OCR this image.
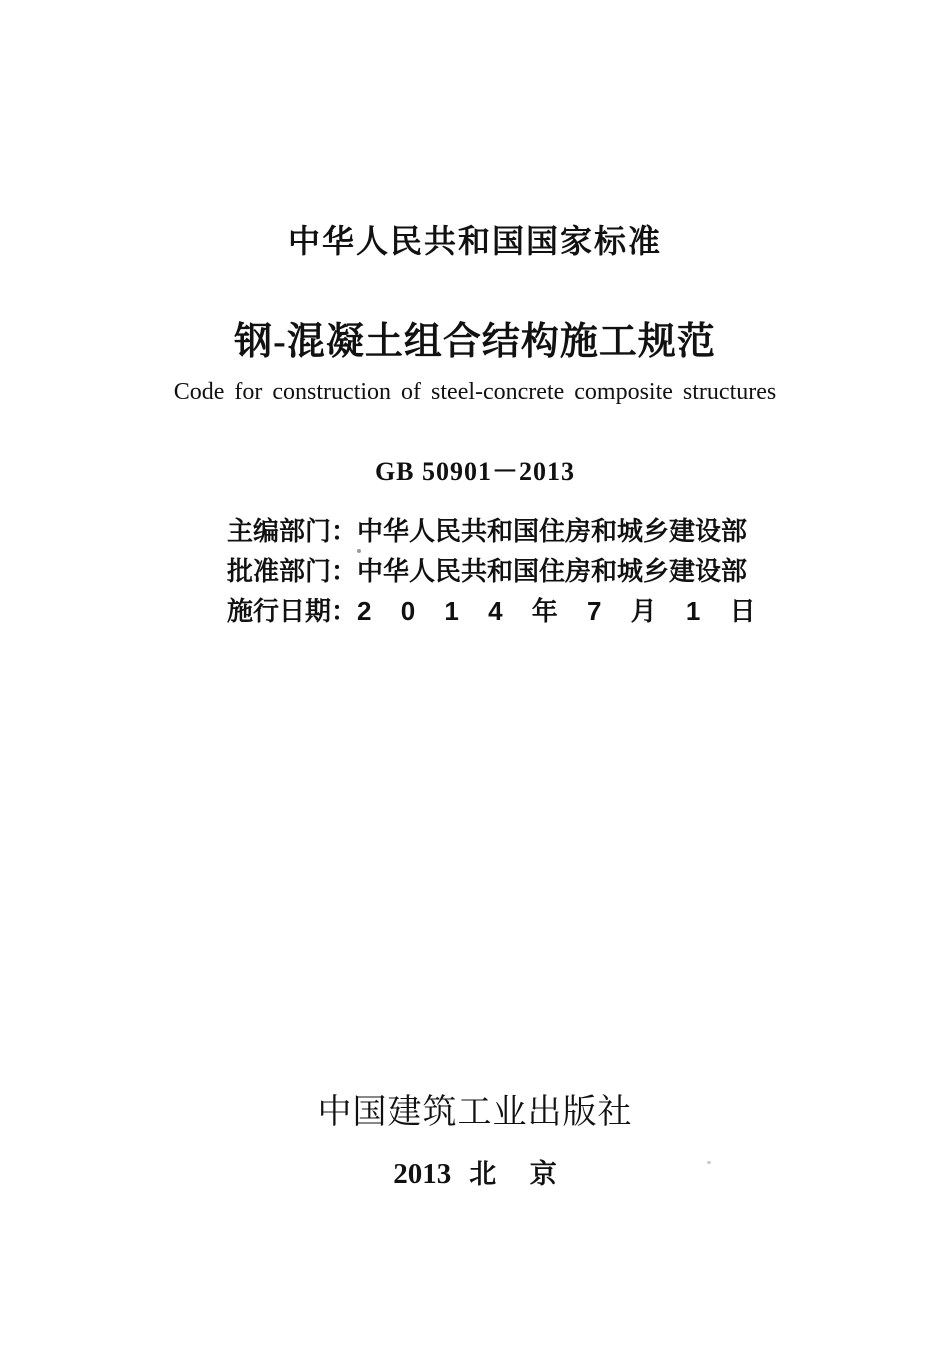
中华人民共和国国家标准
钢-混凝土组合结构施工规范
Code for construction of steel-concrete composite structures
GB 50901－2013
主编部门：中华人民共和国住房和城乡建设部
批准部门：中华人民共和国住房和城乡建设部
施行日期：2 0 1 4 年 7 月 1 日
中国建筑工业出版社
2013 北 京
